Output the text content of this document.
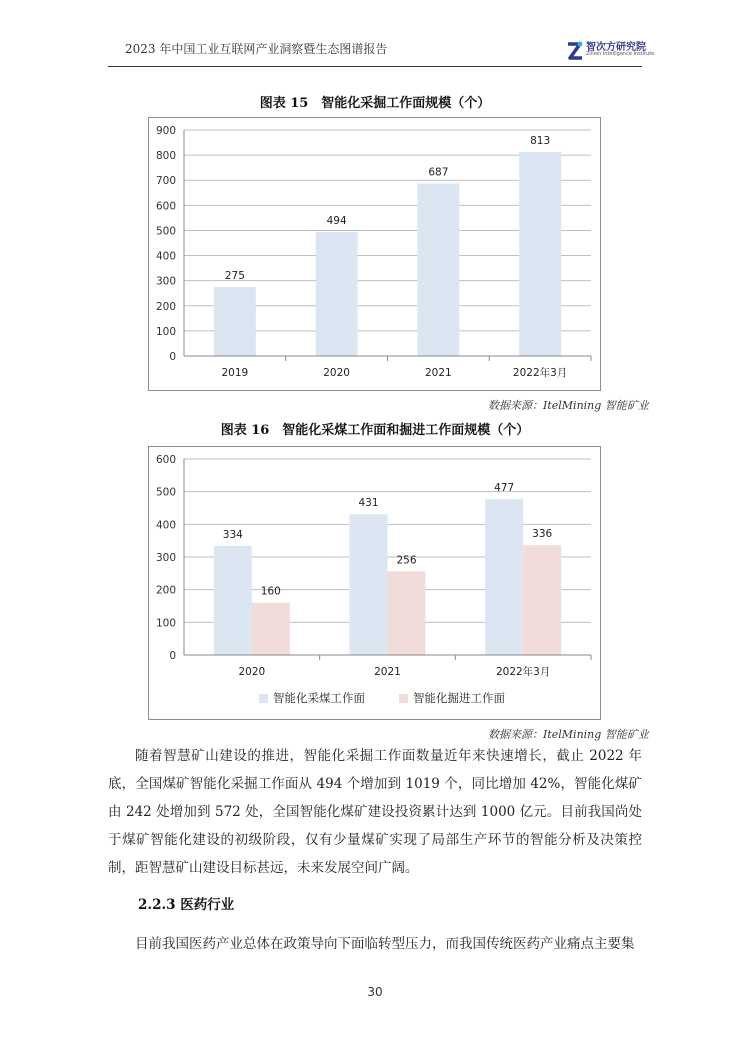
2023 年中国工业互联网产业洞察暨生态图谱报告	智次方研究院
Zillion Intelligence Institute
图表 15　智能化采掘工作面规模（个）
0
100
200
300
400
500
600
700
800
900
2019
275
2020
494
2021
687
2022年3月
813
数据来源：ItelMining 智能矿业
图表 16　智能化采煤工作面和掘进工作面规模（个）
0
100
200
300
400
500
600
2020
334
160
2021
431
256
2022年3月
477
336
智能化采煤工作面	智能化掘进工作面
数据来源：ItelMining 智能矿业
随着智慧矿山建设的推进，智能化采掘工作面数量近年来快速增长，截止 2022 年底，全国煤矿智能化采掘工作面从 494 个增加到 1019 个，同比增加 42%，智能化煤矿由 242 处增加到 572 处，全国智能化煤矿建设投资累计达到 1000 亿元。目前我国尚处于煤矿智能化建设的初级阶段，仅有少量煤矿实现了局部生产环节的智能分析及决策控制，距智慧矿山建设目标甚远，未来发展空间广阔。
2.2.3 医药行业
目前我国医药产业总体在政策导向下面临转型压力，而我国传统医药产业痛点主要集
30
